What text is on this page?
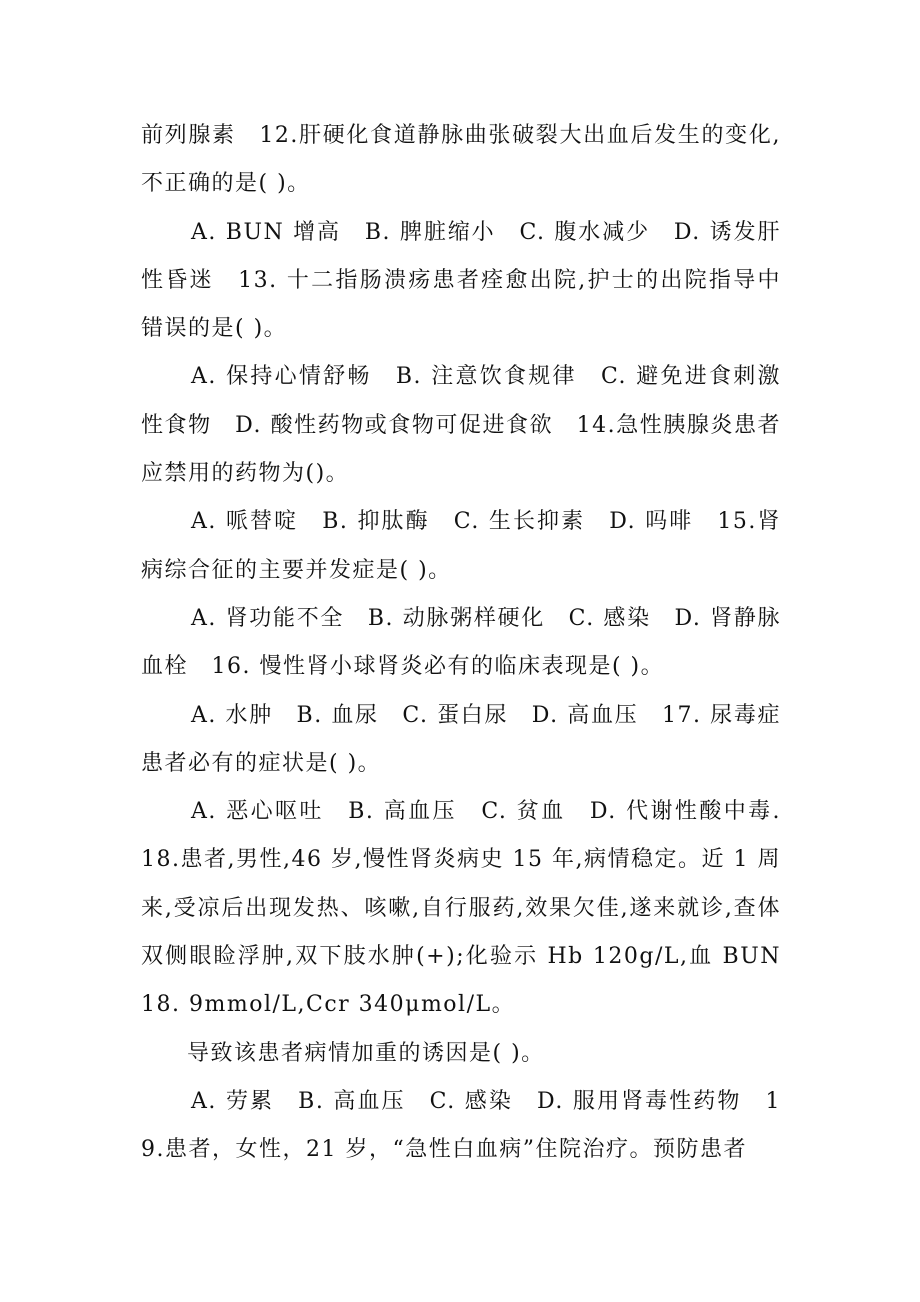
前列腺素　12.肝硬化食道静脉曲张破裂大出血后发生的变化,不正确的是( )。

A. BUN 增高　B. 脾脏缩小　C. 腹水减少　D. 诱发肝性昏迷　13. 十二指肠溃疡患者痊愈出院,护士的出院指导中错误的是( )。

A. 保持心情舒畅　B. 注意饮食规律　C. 避免进食刺激性食物　D. 酸性药物或食物可促进食欲　14.急性胰腺炎患者应禁用的药物为()。

A. 哌替啶　B. 抑肽酶　C. 生长抑素　D. 吗啡　15.肾病综合征的主要并发症是( )。

A. 肾功能不全　B. 动脉粥样硬化　C. 感染　D. 肾静脉血栓　16. 慢性肾小球肾炎必有的临床表现是( )。

A. 水肿　B. 血尿　C. 蛋白尿　D. 高血压　17. 尿毒症患者必有的症状是( )。

A. 恶心呕吐　B. 高血压　C. 贫血　D. 代谢性酸中毒.　18.患者,男性,46 岁,慢性肾炎病史 15 年,病情稳定。近 1 周来,受凉后出现发热、咳嗽,自行服药,效果欠佳,遂来就诊,查体双侧眼睑浮肿,双下肢水肿(+);化验示 Hb 120g/L,血 BUN 18. 9mmol/L,Ccr 340μmol/L。

导致该患者病情加重的诱因是( )。

A. 劳累　B. 高血压　C. 感染　D. 服用肾毒性药物　19.患者，女性，21 岁，“急性白血病”住院治疗。预防患者
